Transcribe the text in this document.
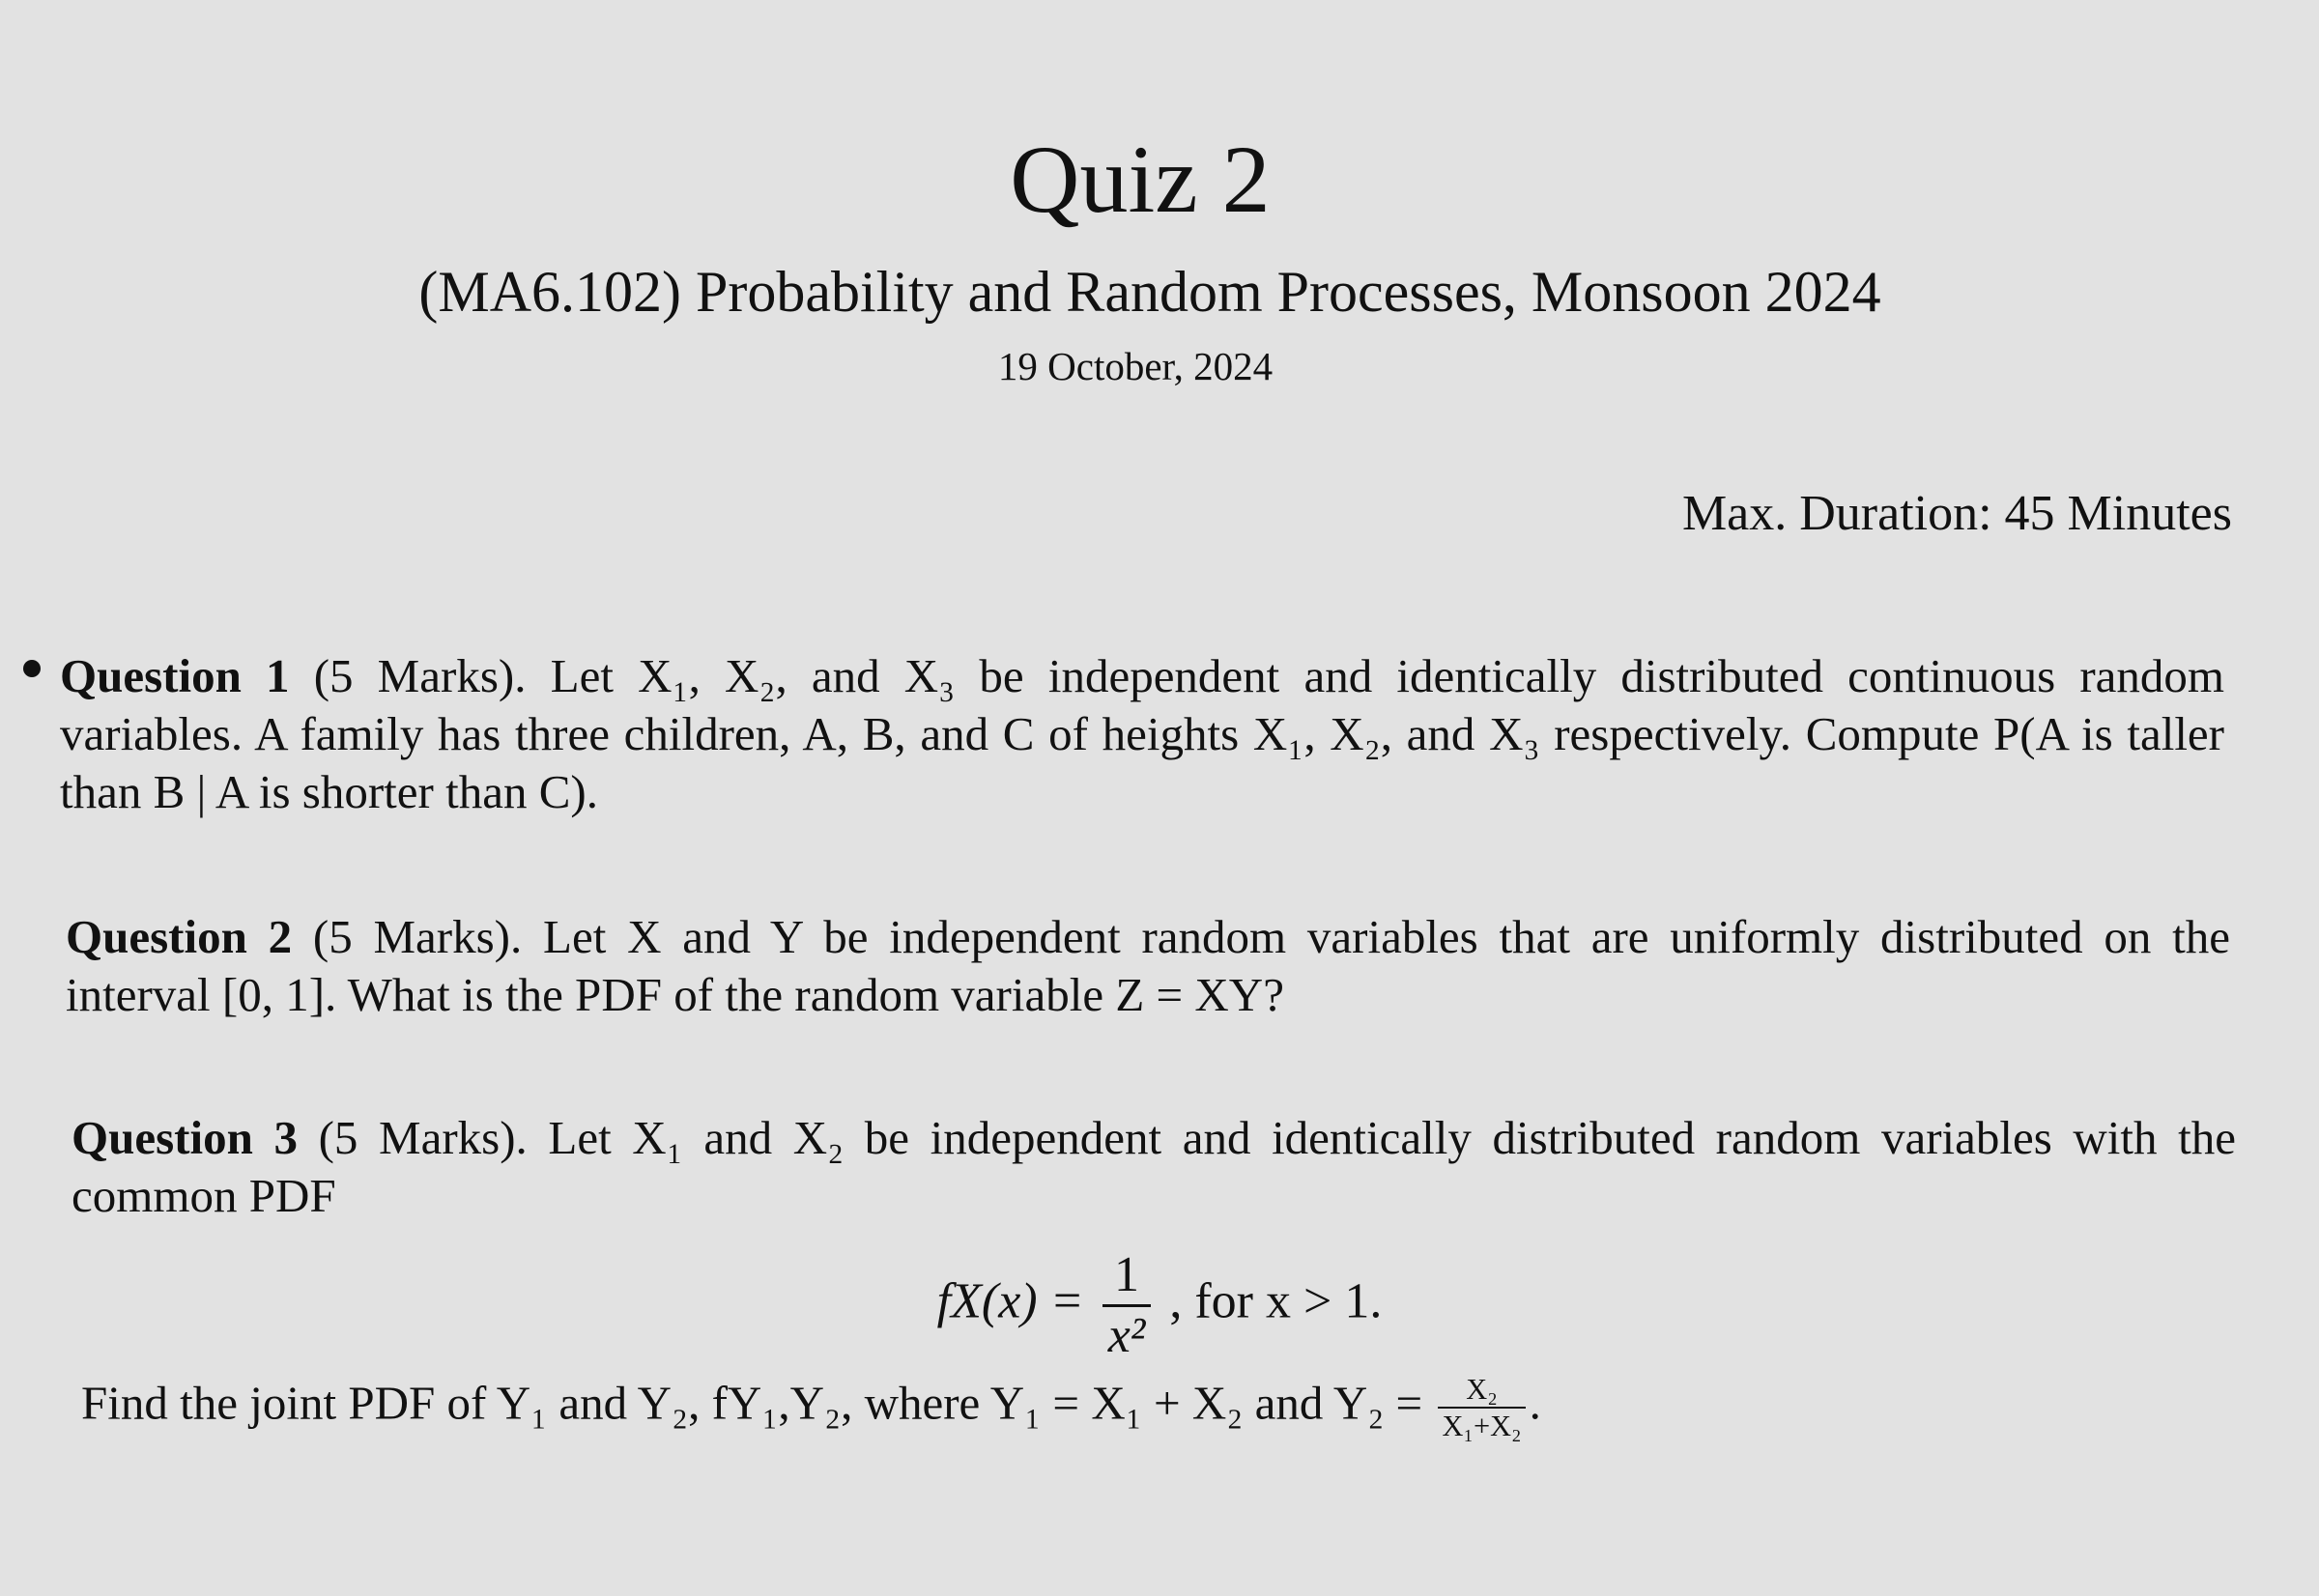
Quiz 2
(MA6.102) Probability and Random Processes, Monsoon 2024
19 October, 2024
Max. Duration: 45 Minutes
Question 1 (5 Marks). Let X₁, X₂, and X₃ be independent and identically distributed continuous random variables. A family has three children, A, B, and C of heights X₁, X₂, and X₃ respectively. Compute P(A is taller than B | A is shorter than C).
Question 2 (5 Marks). Let X and Y be independent random variables that are uniformly distributed on the interval [0, 1]. What is the PDF of the random variable Z = XY?
Question 3 (5 Marks). Let X₁ and X₂ be independent and identically distributed random variables with the common PDF
$fX(x) = \frac{1}{\text{x²}}$ , for x > 1.
Find the joint PDF of Y₁ and Y₂, fY₁,Y₂, where Y₁ = X₁ + X₂ and $Y_2 = \frac{\text{X₂}}{\text{X₁+X₂}}$ .
